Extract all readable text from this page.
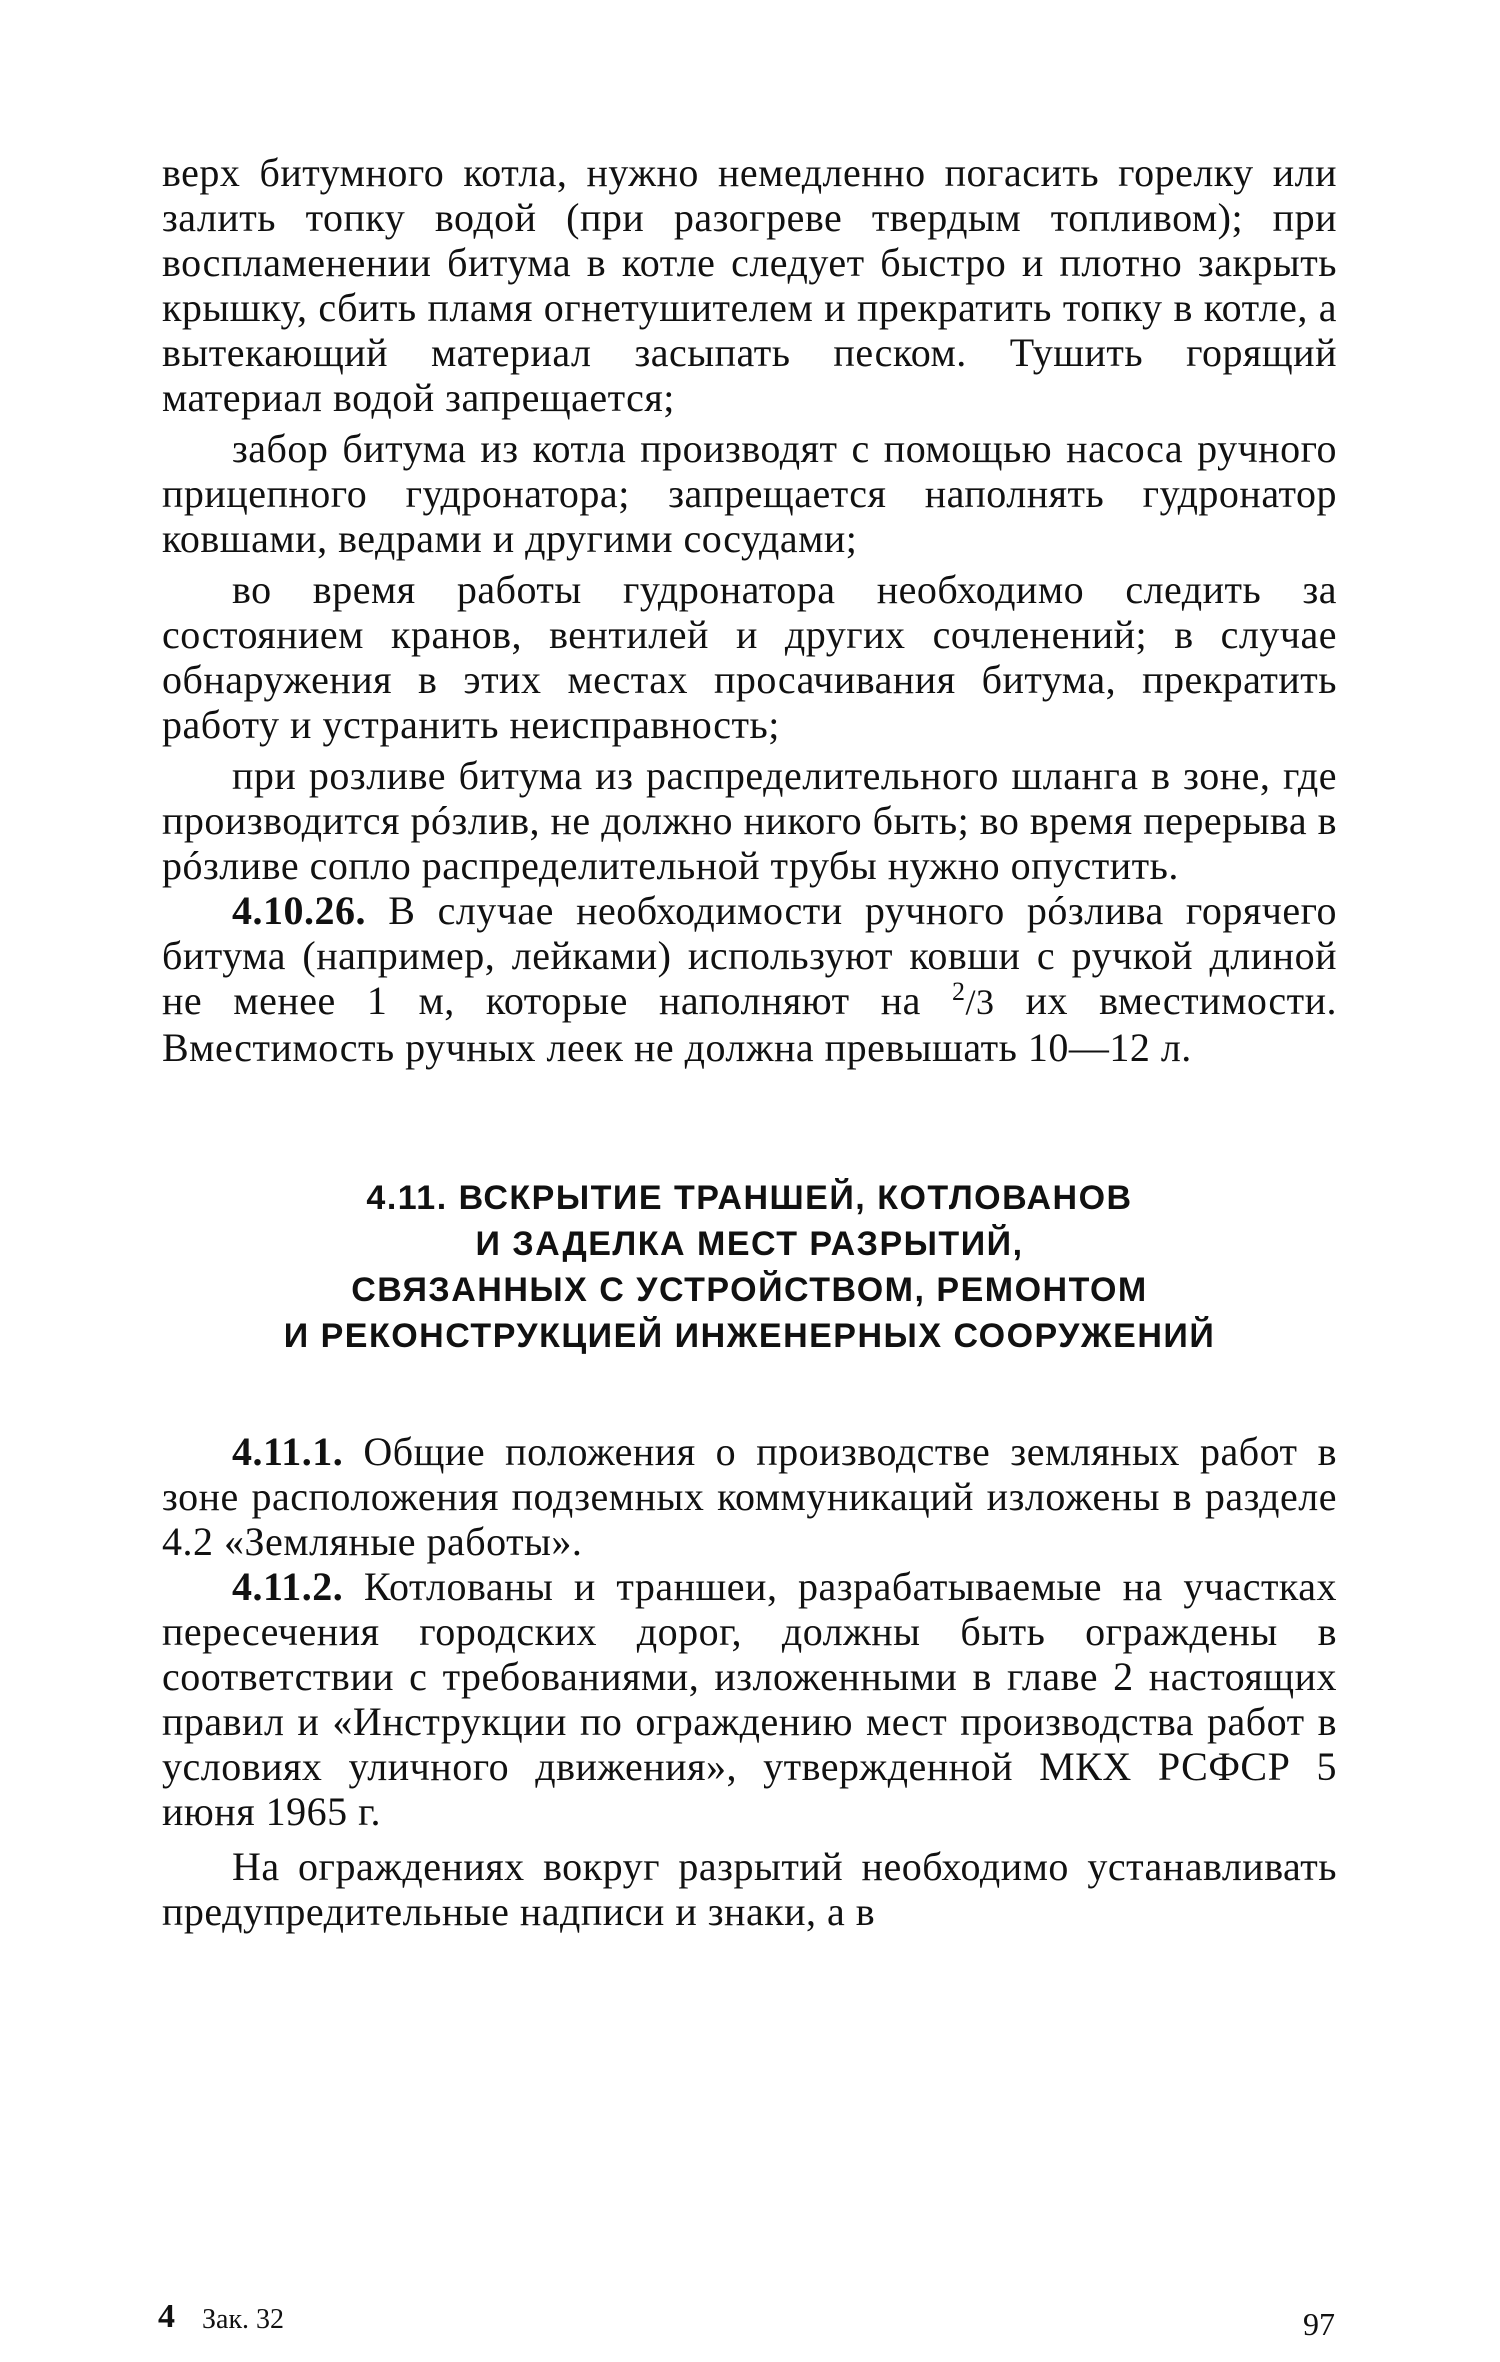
верх битумного котла, нужно немедленно погасить горелку или залить топку водой (при разогреве твердым топливом); при воспламенении битума в котле следует быстро и плотно закрыть крышку, сбить пламя огнетушителем и прекратить топку в котле, а вытекающий материал засыпать песком. Тушить горящий материал водой запрещается;

забор битума из котла производят с помощью насоса ручного прицепного гудронатора; запрещается наполнять гудронатор ковшами, ведрами и другими сосудами;

во время работы гудронатора необходимо следить за состоянием кранов, вентилей и других сочленений; в случае обнаружения в этих местах просачивания битума, прекратить работу и устранить неисправность;

при розливе битума из распределительного шланга в зоне, где производится рóзлив, не должно никого быть; во время перерыва в рóзливе сопло распределительной трубы нужно опустить.

4.10.26. В случае необходимости ручного рóзлива горячего битума (например, лейками) используют ковши с ручкой длиной не менее 1 м, которые наполняют на $^2$/3 их вместимости. Вместимость ручных леек не должна превышать 10—12 л.

4.11. ВСКРЫТИЕ ТРАНШЕЙ, КОТЛОВАНОВ
И ЗАДЕЛКА МЕСТ РАЗРЫТИЙ,
СВЯЗАННЫХ С УСТРОЙСТВОМ, РЕМОНТОМ
И РЕКОНСТРУКЦИЕЙ ИНЖЕНЕРНЫХ СООРУЖЕНИЙ

4.11.1. Общие положения о производстве земляных работ в зоне расположения подземных коммуникаций изложены в разделе 4.2 «Земляные работы».

4.11.2. Котлованы и траншеи, разрабатываемые на участках пересечения городских дорог, должны быть ограждены в соответствии с требованиями, изложенными в главе 2 настоящих правил и «Инструкции по ограждению мест производства работ в условиях уличного движения», утвержденной МКХ РСФСР 5 июня 1965 г.

На ограждениях вокруг разрытий необходимо устанавливать предупредительные надписи и знаки, а в

4 Зак. 32	97
